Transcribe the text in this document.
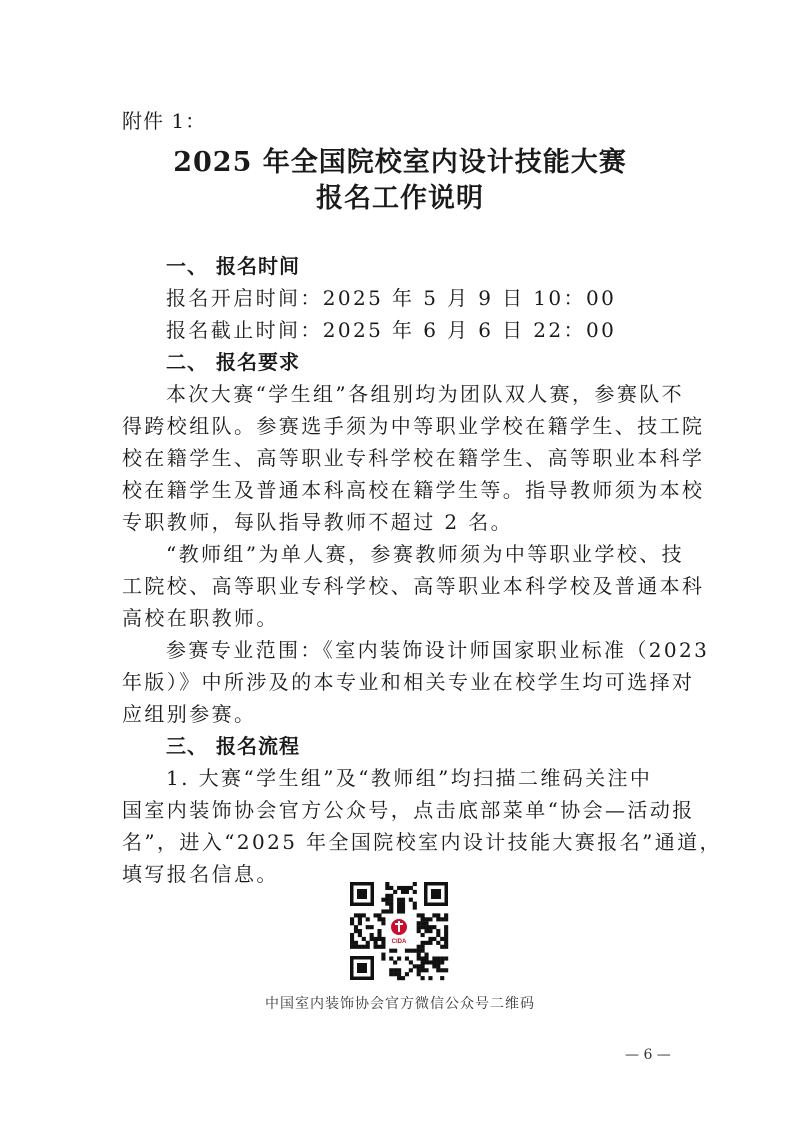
附件 1：
2025 年全国院校室内设计技能大赛
报名工作说明
一、 报名时间
报名开启时间：2025 年 5 月 9 日 10：00
报名截止时间：2025 年 6 月 6 日 22：00
二、 报名要求
本次大赛“学生组”各组别均为团队双人赛，参赛队不
得跨校组队。参赛选手须为中等职业学校在籍学生、技工院
校在籍学生、高等职业专科学校在籍学生、高等职业本科学
校在籍学生及普通本科高校在籍学生等。指导教师须为本校
专职教师，每队指导教师不超过 2 名。
“教师组”为单人赛，参赛教师须为中等职业学校、技
工院校、高等职业专科学校、高等职业本科学校及普通本科
高校在职教师。
参赛专业范围：《室内装饰设计师国家职业标准（2023
年版）》中所涉及的本专业和相关专业在校学生均可选择对
应组别参赛。
三、 报名流程
1. 大赛“学生组”及“教师组”均扫描二维码关注中
国室内装饰协会官方公众号，点击底部菜单“协会—活动报
名”，进入“2025 年全国院校室内设计技能大赛报名”通道，
填写报名信息。
CIDA
中国室内装饰协会官方微信公众号二维码
— 6 —
